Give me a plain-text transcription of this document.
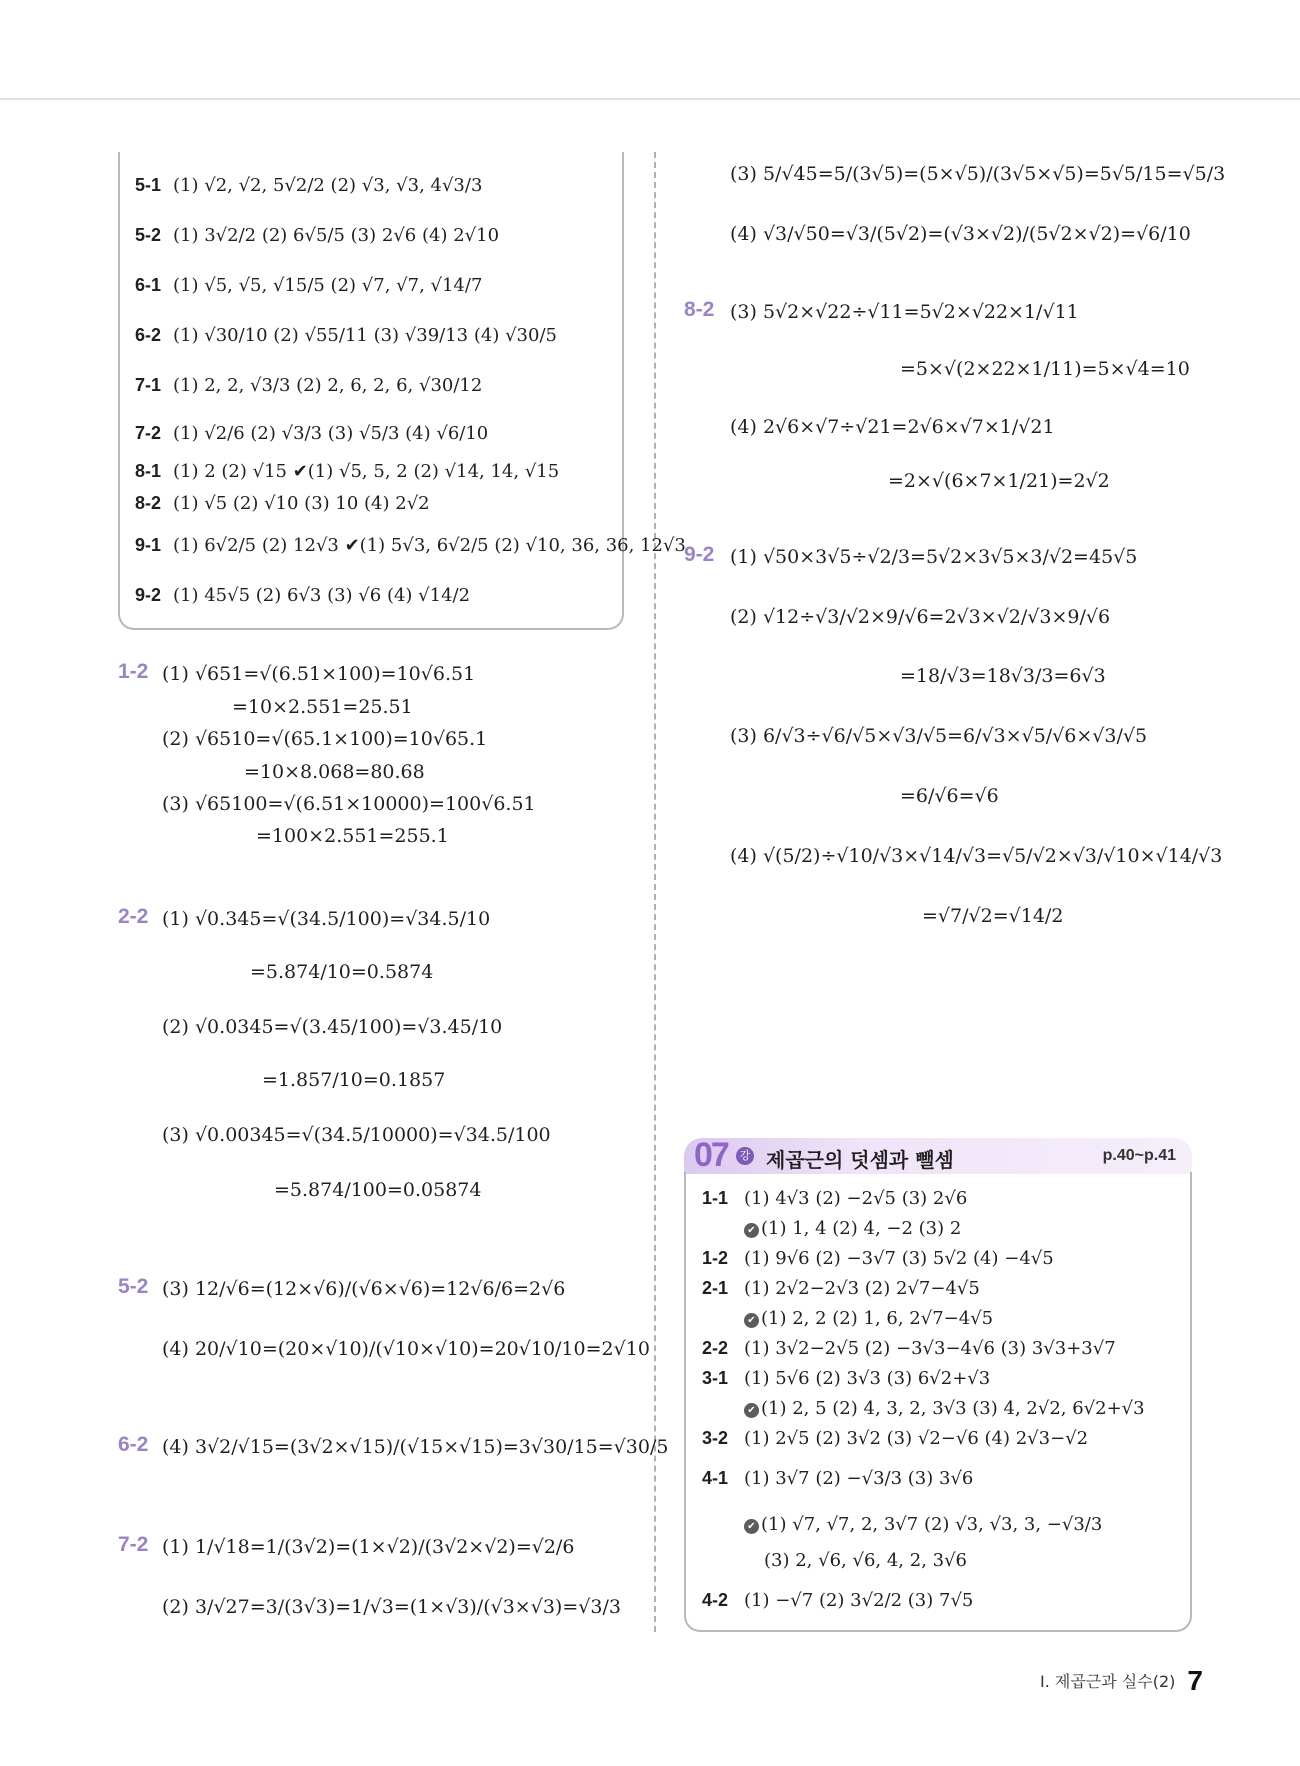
5-1 (1) √2, √2, 5√2/2 (2) √3, √3, 4√3/3
5-2 (1) 3√2/2 (2) 6√5/5 (3) 2√6 (4) 2√10
6-1 (1) √5, √5, √15/5 (2) √7, √7, √14/7
6-2 (1) √30/10 (2) √55/11 (3) √39/13 (4) √30/5
7-1 (1) 2, 2, √3/3 (2) 2, 6, 2, 6, √30/12
7-2 (1) √2/6 (2) √3/3 (3) √5/3 (4) √6/10
8-1 (1) 2 (2) √15 ✔(1) √5, 5, 2 (2) √14, 14, √15
8-2 (1) √5 (2) √10 (3) 10 (4) 2√2
9-1 (1) 6√2/5 (2) 12√3 ✔(1) 5√3, 6√2/5 (2) √10, 36, 36, 12√3
9-2 (1) 45√5 (2) 6√3 (3) √6 (4) √14/2
1-2 (1) √651=√(6.51×100)=10√6.51
=10×2.551=25.51
(2) √6510=√(65.1×100)=10√65.1
=10×8.068=80.68
(3) √65100=√(6.51×10000)=100√6.51
=100×2.551=255.1
2-2 (1) √0.345=√(34.5/100)=√34.5/10
=5.874/10=0.5874
(2) √0.0345=√(3.45/100)=√3.45/10
=1.857/10=0.1857
(3) √0.00345=√(34.5/10000)=√34.5/100
=5.874/100=0.05874
5-2 (3) 12/√6=(12×√6)/(√6×√6)=12√6/6=2√6
(4) 20/√10=(20×√10)/(√10×√10)=20√10/10=2√10
6-2 (4) 3√2/√15=(3√2×√15)/(√15×√15)=3√30/15=√30/5
7-2 (1) 1/√18=1/(3√2)=(1×√2)/(3√2×√2)=√2/6
(2) 3/√27=3/(3√3)=1/√3=(1×√3)/(√3×√3)=√3/3
(3) 5/√45=5/(3√5)=(5×√5)/(3√5×√5)=5√5/15=√5/3
(4) √3/√50=√3/(5√2)=(√3×√2)/(5√2×√2)=√6/10
8-2 (3) 5√2×√22÷√11=5√2×√22×1/√11
=5×√(2×22×1/11)=5×√4=10
(4) 2√6×√7÷√21=2√6×√7×1/√21
=2×√(6×7×1/21)=2√2
9-2 (1) √50×3√5÷√2/3=5√2×3√5×3/√2=45√5
(2) √12÷√3/√2×9/√6=2√3×√2/√3×9/√6
=18/√3=18√3/3=6√3
(3) 6/√3÷√6/√5×√3/√5=6/√3×√5/√6×√3/√5
=6/√6=√6
(4) √(5/2)÷√10/√3×√14/√3=√5/√2×√3/√10×√14/√3
=√7/√2=√14/2
07	강 제곱근의 덧셈과 뺄셈	p.40~p.41
1-1 (1) 4√3 (2) −2√5 (3) 2√6
✔ (1) 1, 4 (2) 4, −2 (3) 2
1-2 (1) 9√6 (2) −3√7 (3) 5√2 (4) −4√5
2-1 (1) 2√2−2√3 (2) 2√7−4√5
✔ (1) 2, 2 (2) 1, 6, 2√7−4√5
2-2 (1) 3√2−2√5 (2) −3√3−4√6 (3) 3√3+3√7
3-1 (1) 5√6 (2) 3√3 (3) 6√2+√3
✔ (1) 2, 5 (2) 4, 3, 2, 3√3 (3) 4, 2√2, 6√2+√3
3-2 (1) 2√5 (2) 3√2 (3) √2−√6 (4) 2√3−√2
4-1 (1) 3√7 (2) −√3/3 (3) 3√6
✔ (1) √7, √7, 2, 3√7 (2) √3, √3, 3, −√3/3
(3) 2, √6, √6, 4, 2, 3√6
4-2 (1) −√7 (2) 3√2/2 (3) 7√5
Ⅰ. 제곱근과 실수(2) 7
